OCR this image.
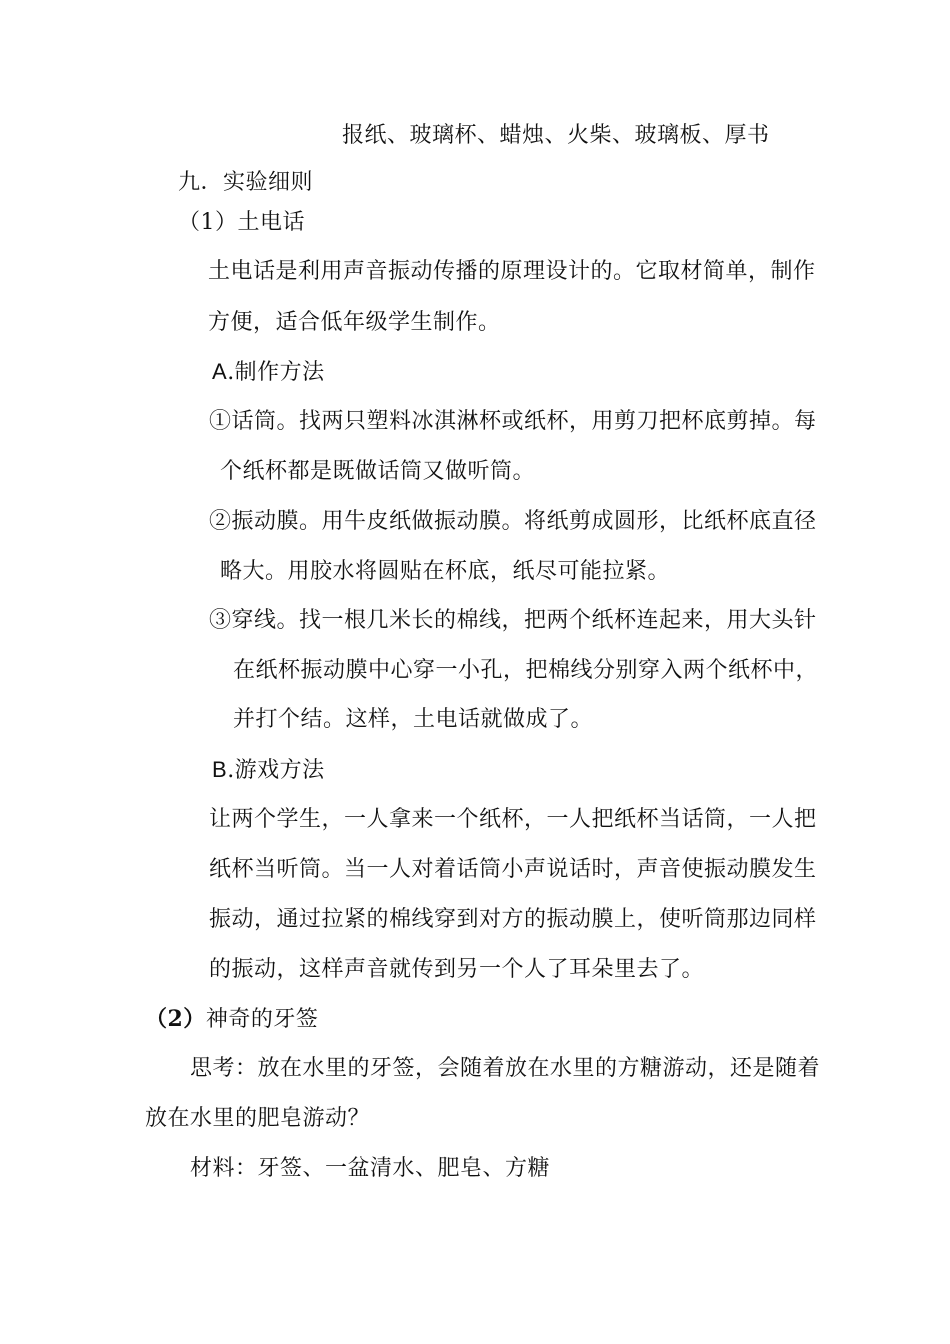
报纸、玻璃杯、蜡烛、火柴、玻璃板、厚书
九．实验细则
（1）土电话
土电话是利用声音振动传播的原理设计的。它取材简单，制作
方便，适合低年级学生制作。
A.制作方法
①话筒。找两只塑料冰淇淋杯或纸杯，用剪刀把杯底剪掉。每
个纸杯都是既做话筒又做听筒。
②振动膜。用牛皮纸做振动膜。将纸剪成圆形，比纸杯底直径
略大。用胶水将圆贴在杯底，纸尽可能拉紧。
③穿线。找一根几米长的棉线，把两个纸杯连起来，用大头针
在纸杯振动膜中心穿一小孔，把棉线分别穿入两个纸杯中，
并打个结。这样，土电话就做成了。
B.游戏方法
让两个学生，一人拿来一个纸杯，一人把纸杯当话筒，一人把
纸杯当听筒。当一人对着话筒小声说话时，声音使振动膜发生
振动，通过拉紧的棉线穿到对方的振动膜上，使听筒那边同样
的振动，这样声音就传到另一个人了耳朵里去了。
（2）神奇的牙签
思考：放在水里的牙签，会随着放在水里的方糖游动，还是随着
放在水里的肥皂游动？
材料：牙签、一盆清水、肥皂、方糖
